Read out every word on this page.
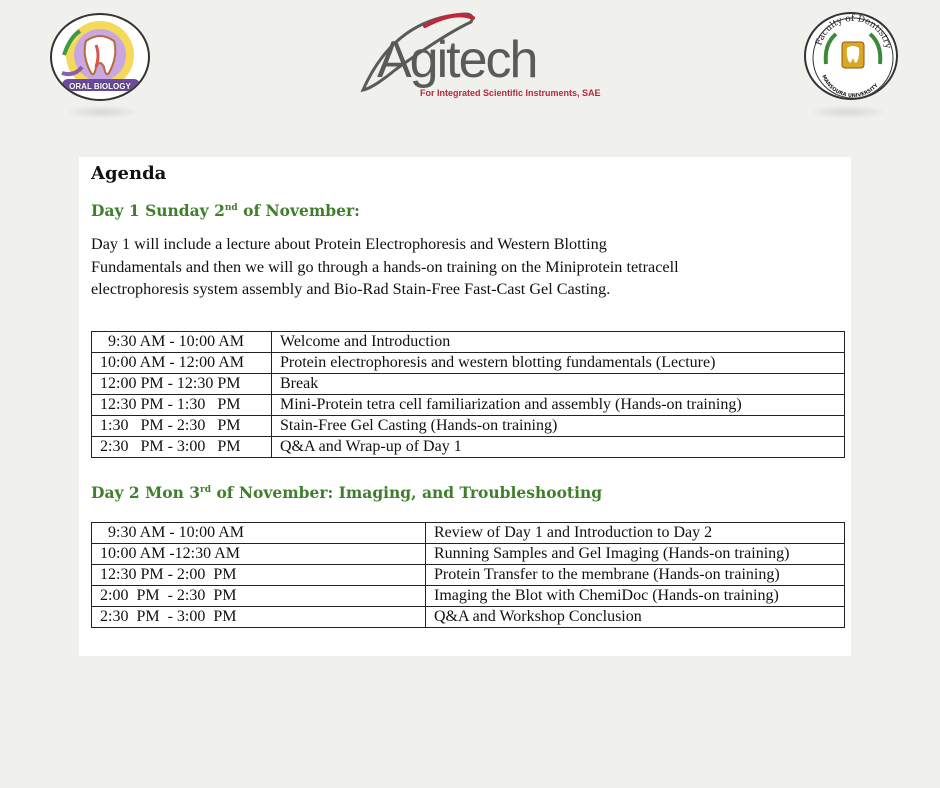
ORAL BIOLOGY	Agitech
For Integrated Scientific Instruments, SAE
Faculty of Dentistry
MANSOURA UNIVERSITY
Agenda
Day 1 Sunday 2nd of November:

Day 1 will include a lecture about Protein Electrophoresis and Western Blotting
Fundamentals and then we will go through a hands-on training on the Miniprotein tetracell
electrophoresis system assembly and Bio-Rad Stain-Free Fast-Cast Gel Casting.

9:30 AM - 10:00 AM	Welcome and Introduction
10:00 AM - 12:00 AM	Protein electrophoresis and western blotting fundamentals (Lecture)
12:00 PM - 12:30 PM	Break
12:30 PM - 1:30   PM	Mini-Protein tetra cell familiarization and assembly (Hands-on training)
1:30   PM - 2:30   PM	Stain-Free Gel Casting (Hands-on training)
2:30   PM - 3:00   PM	Q&A and Wrap-up of Day 1
Day 2 Mon 3rd of November: Imaging, and Troubleshooting
9:30 AM - 10:00 AM	Review of Day 1 and Introduction to Day 2
10:00 AM -12:30 AM	Running Samples and Gel Imaging (Hands-on training)
12:30 PM - 2:00  PM	Protein Transfer to the membrane (Hands-on training)
2:00  PM  - 2:30  PM	Imaging the Blot with ChemiDoc (Hands-on training)
2:30  PM  - 3:00  PM	Q&A and Workshop Conclusion
